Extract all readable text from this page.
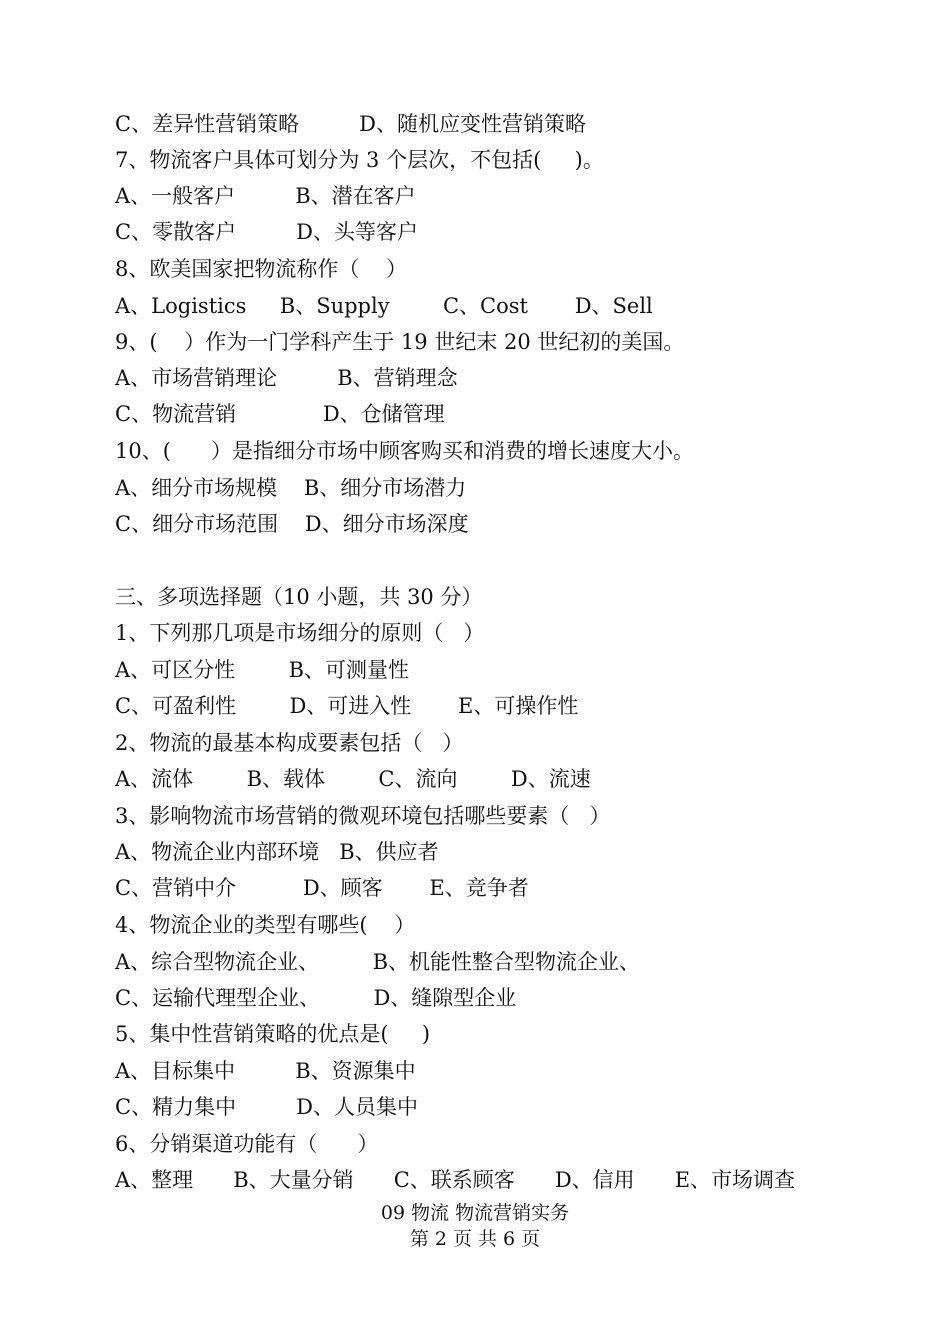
C、差异性营销策略         D、随机应变性营销策略
7、物流客户具体可划分为 3 个层次，不包括(     )。
A、一般客户         B、潜在客户
C、零散客户         D、头等客户
8、欧美国家把物流称作（    ）
A、Logistics     B、Supply        C、Cost       D、Sell
9、(    ）作为一门学科产生于 19 世纪末 20 世纪初的美国。
A、市场营销理论         B、营销理念
C、物流营销             D、仓储管理
10、(      ）是指细分市场中顾客购买和消费的增长速度大小。
A、细分市场规模    B、细分市场潜力
C、细分市场范围    D、细分市场深度
三、多项选择题（10 小题，共 30 分）
1、下列那几项是市场细分的原则（   ）
A、可区分性        B、可测量性
C、可盈利性        D、可进入性       E、可操作性
2、物流的最基本构成要素包括（   ）
A、流体        B、载体        C、流向        D、流速
3、影响物流市场营销的微观环境包括哪些要素（   ）
A、物流企业内部环境   B、供应者
C、营销中介          D、顾客       E、竞争者
4、物流企业的类型有哪些(    ）
A、综合型物流企业、        B、机能性整合型物流企业、
C、运输代理型企业、        D、缝隙型企业
5、集中性营销策略的优点是(     )
A、目标集中         B、资源集中
C、精力集中         D、人员集中
6、分销渠道功能有（      ）
A、整理      B、大量分销      C、联系顾客      D、信用      E、市场调查
09 物流 物流营销实务
第 2 页 共 6 页
